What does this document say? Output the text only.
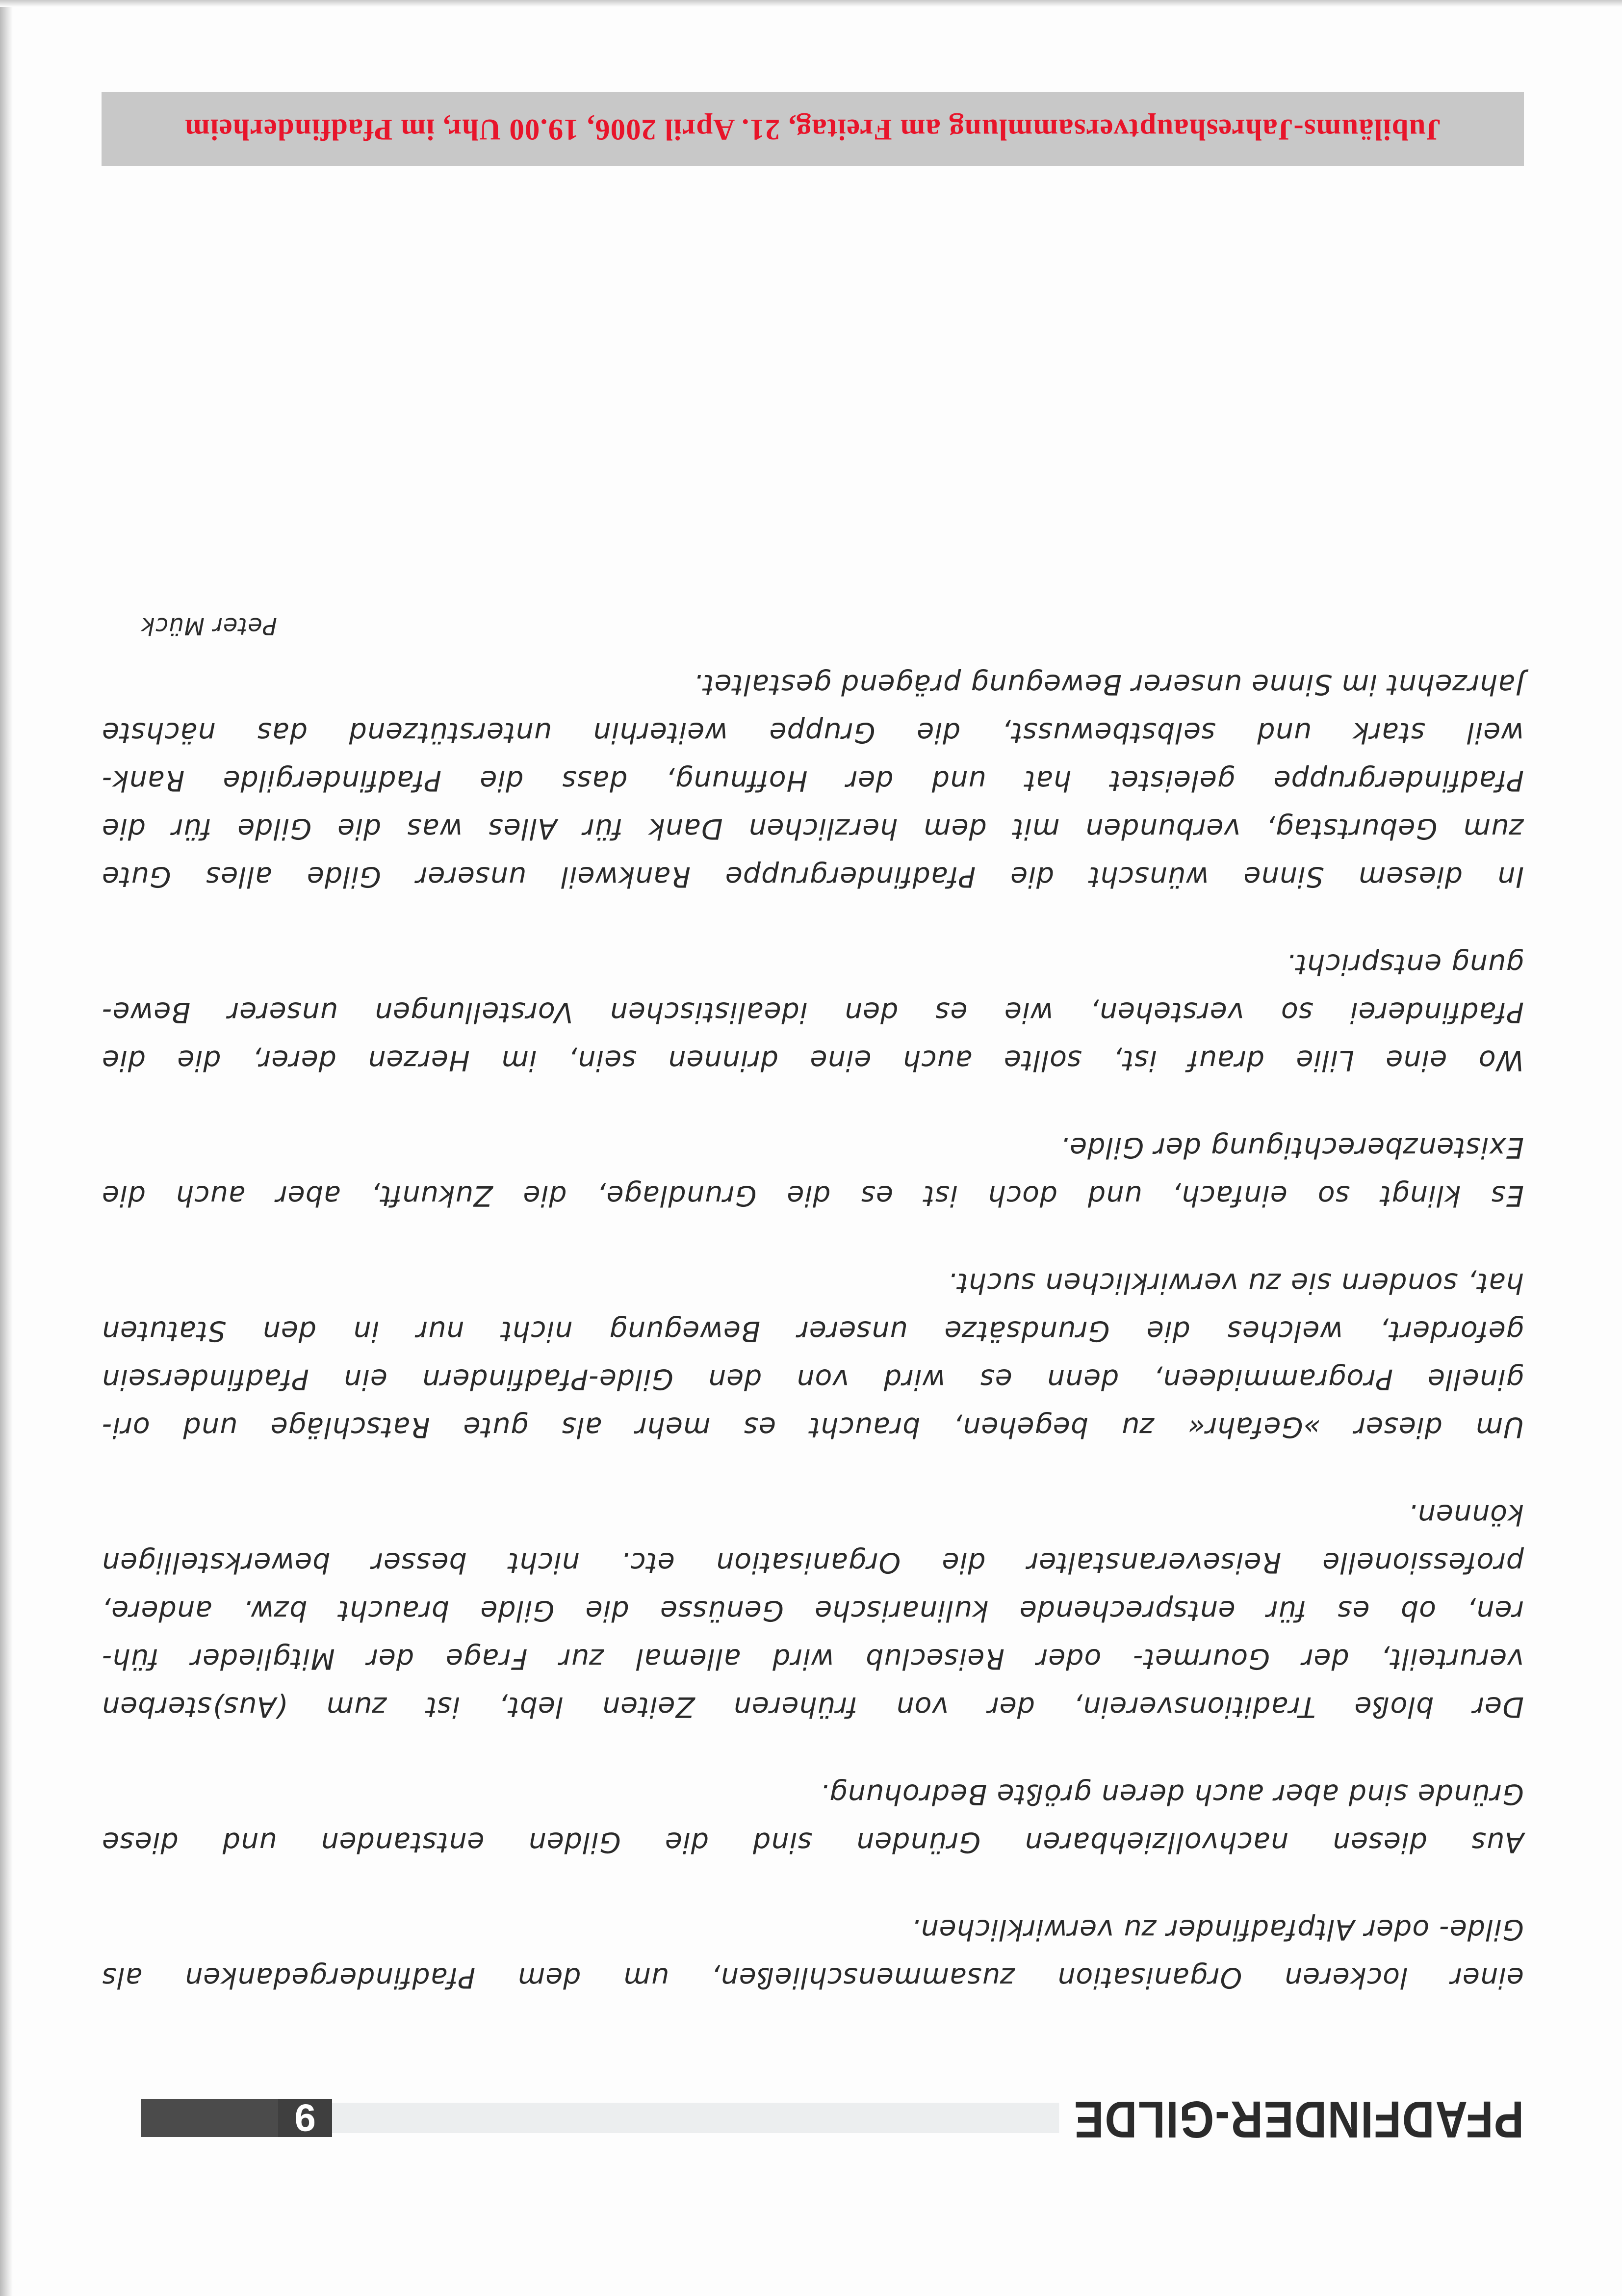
PFADFINDER-GILDE
9

einer lockeren Organisation zusammenschließen, um dem Pfadfindergedanken als
Gilde- oder Altpfadfinder zu verwirklichen.

Aus diesen nachvollziehbaren Gründen sind die Gilden entstanden und diese
Gründe sind aber auch deren größte Bedrohung.

Der bloße Traditionsverein, der von früheren Zeiten lebt, ist zum (Aus)sterben
verurteilt, der Gourmet- oder Reiseclub wird allemal zur Frage der Mitglieder füh-
ren, ob es für entsprechende kulinarische Genüsse die Gilde braucht bzw. andere,
professionelle Reiseveranstalter die Organisation etc. nicht besser bewerkstelligen
können.

Um dieser »Gefahr« zu begehen, braucht es mehr als gute Ratschläge und ori-
ginelle Programmideen, denn es wird von den Gilde-Pfadfindern ein Pfadfindersein
gefordert, welches die Grundsätze unserer Bewegung nicht nur in den Statuten
hat, sondern sie zu verwirklichen sucht.

Es klingt so einfach, und doch ist es die Grundlage, die Zukunft, aber auch die
Existenzberechtigung der Gilde.

Wo eine Lilie drauf ist, sollte auch eine drinnen sein, im Herzen derer, die die
Pfadfinderei so verstehen, wie es den idealistischen Vorstellungen unserer Bewe-
gung entspricht.

In diesem Sinne wünscht die Pfadfindergruppe Rankweil unserer Gilde alles Gute
zum Geburtstag, verbunden mit dem herzlichen Dank für Alles was die Gilde für die
Pfadfindergruppe geleistet hat und der Hoffnung, dass die Pfadfindergilde Rank-
weil stark und selbstbewusst, die Gruppe weiterhin unterstützend das nächste
Jahrzehnt im Sinne unserer Bewegung prägend gestaltet.

Peter Mück
Jubiläums-Jahreshauptversammlung am Freitag, 21. April 2006, 19.00 Uhr, im Pfadfinderheim
